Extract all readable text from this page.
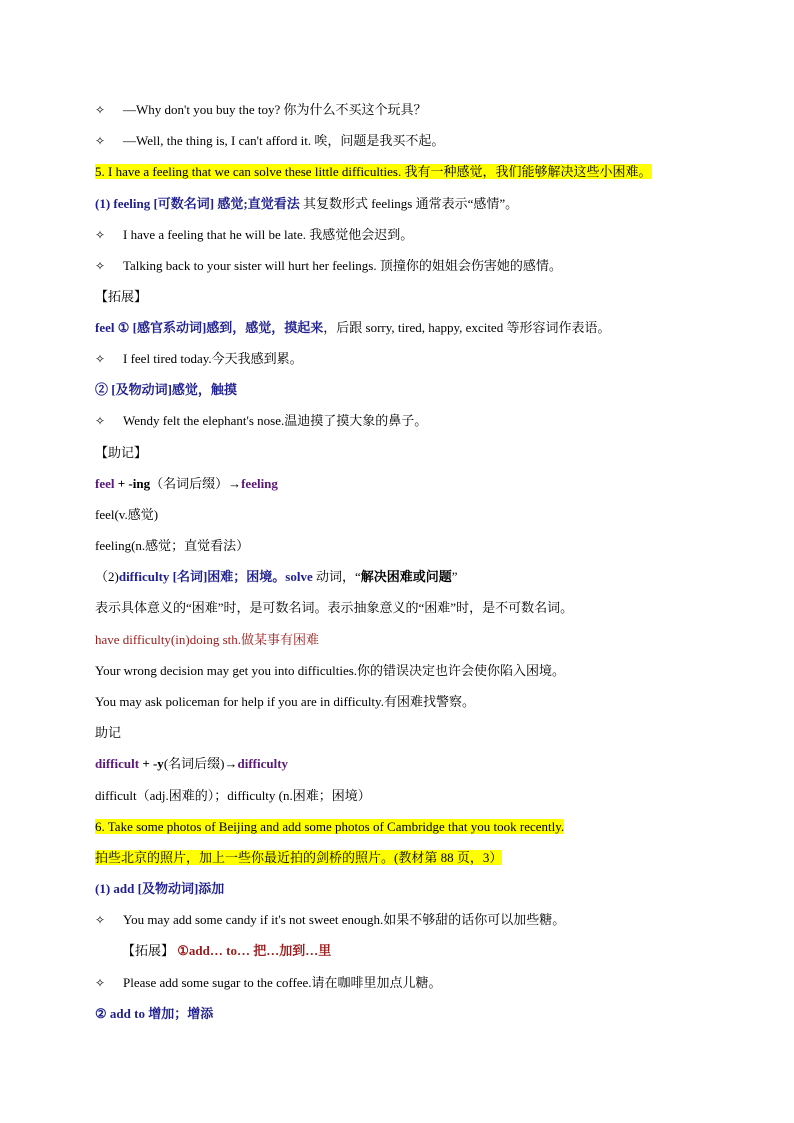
✧ —Why don't you buy the toy? 你为什么不买这个玩具？
✧ —Well, the thing is, I can't afford it. 唉，问题是我买不起。
5. I have a feeling that we can solve these little difficulties. 我有一种感觉，我们能够解决这些小困难。
(1) feeling [可数名词] 感觉;直觉看法 其复数形式 feelings 通常表示“感情”。
✧ I have a feeling that he will be late. 我感觉他会迟到。
✧ Talking back to your sister will hurt her feelings. 顶撞你的姐姐会伤害她的感情。
【拓展】
feel ① [感官系动词]感到，感觉，摸起来，后跟 sorry, tired, happy, excited 等形容词作表语。
✧ I feel tired today.今天我感到累。
② [及物动词]感觉，触摸
✧ Wendy felt the elephant's nose.温迪摸了摸大象的鼻子。
【助记】
feel + -ing（名词后缀）→feeling
feel(v.感觉)
feeling(n.感觉；直觉看法）
（2)difficulty [名词]困难；困境。solve 动词，“解决困难或问题”
表示具体意义的“困难”时，是可数名词。表示抽象意义的“困难”时，是不可数名词。
have difficulty(in)doing sth.做某事有困难
Your wrong decision may get you into difficulties.你的错误决定也许会使你陷入困境。
You may ask policeman for help if you are in difficulty.有困难找警察。
助记
difficult + -y(名词后缀)→difficulty
difficult（adj.困难的）；difficulty (n.困难；困境）
6. Take some photos of Beijing and add some photos of Cambridge that you took recently.
拍些北京的照片，加上一些你最近拍的剑桥的照片。(教材第 88 页，3）
(1) add [及物动词]添加
✧ You may add some candy if it's not sweet enough.如果不够甜的话你可以加些糖。
【拓展】 ①add… to… 把…加到…里
✧ Please add some sugar to the coffee.请在咖啡里加点儿糖。
② add to 增加；增添
